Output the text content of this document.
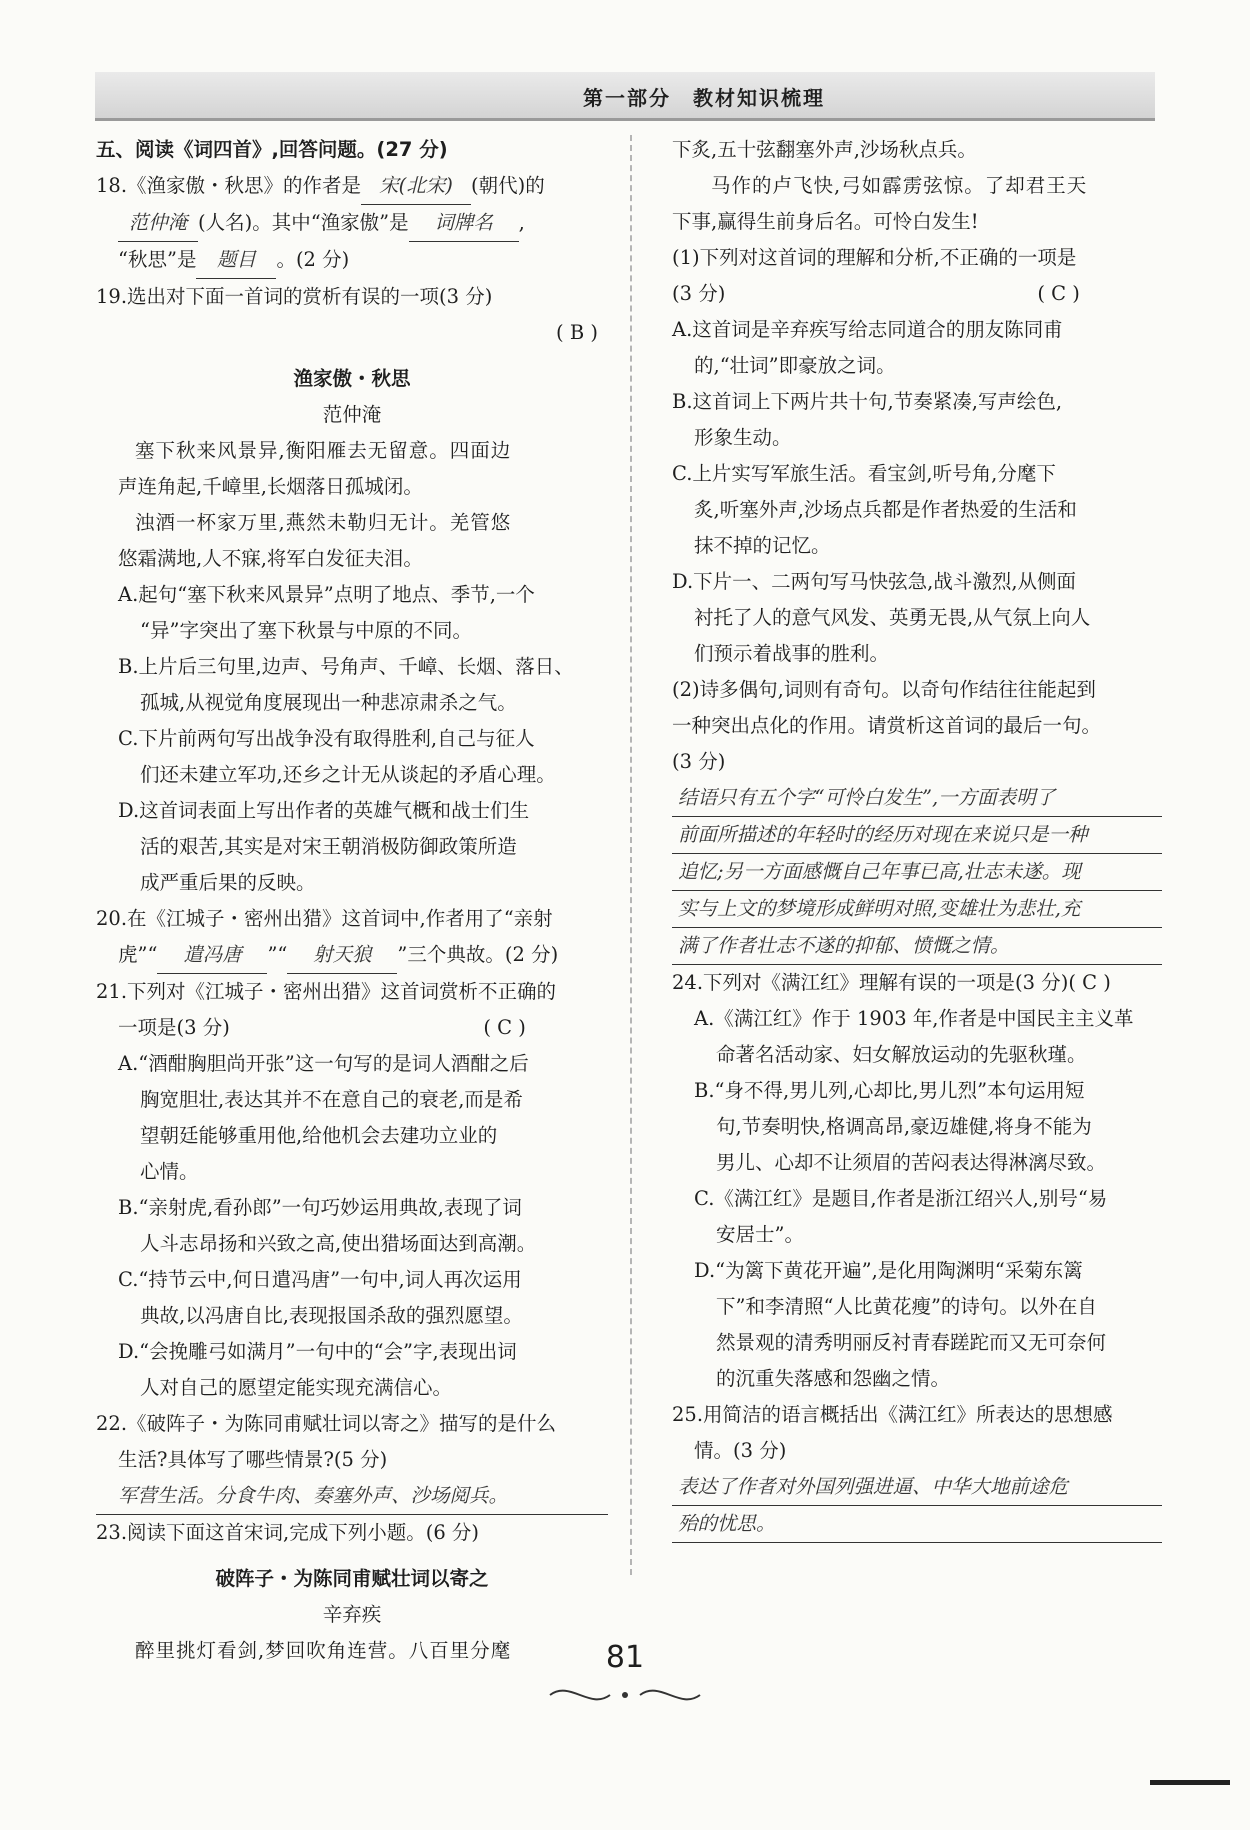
第一部分　教材知识梳理

五、阅读《词四首》,回答问题。(27 分)

18.《渔家傲・秋思》的作者是 宋(北宋) (朝代)的

范仲淹 (人名)。其中“渔家傲”是 词牌名 ,

“秋思”是 题目 。(2 分)

19.选出对下面一首词的赏析有误的一项(3 分)

( B )

渔家傲・秋思

范仲淹

塞下秋来风景异,衡阳雁去无留意。四面边

声连角起,千嶂里,长烟落日孤城闭。

浊酒一杯家万里,燕然未勒归无计。羌管悠

悠霜满地,人不寐,将军白发征夫泪。

A.起句“塞下秋来风景异”点明了地点、季节,一个

“异”字突出了塞下秋景与中原的不同。

B.上片后三句里,边声、号角声、千嶂、长烟、落日、

孤城,从视觉角度展现出一种悲凉肃杀之气。

C.下片前两句写出战争没有取得胜利,自己与征人

们还未建立军功,还乡之计无从谈起的矛盾心理。

D.这首词表面上写出作者的英雄气概和战士们生

活的艰苦,其实是对宋王朝消极防御政策所造

成严重后果的反映。

20.在《江城子・密州出猎》这首词中,作者用了“亲射

虎”“ 遣冯唐 ”“ 射天狼 ”三个典故。(2 分)

21.下列对《江城子・密州出猎》这首词赏析不正确的

一项是(3 分)　　　　　　　　　　　　　( C )

A.“酒酣胸胆尚开张”这一句写的是词人酒酣之后

胸宽胆壮,表达其并不在意自己的衰老,而是希

望朝廷能够重用他,给他机会去建功立业的

心情。

B.“亲射虎,看孙郎”一句巧妙运用典故,表现了词

人斗志昂扬和兴致之高,使出猎场面达到高潮。

C.“持节云中,何日遣冯唐”一句中,词人再次运用

典故,以冯唐自比,表现报国杀敌的强烈愿望。

D.“会挽雕弓如满月”一句中的“会”字,表现出词

人对自己的愿望定能实现充满信心。

22.《破阵子・为陈同甫赋壮词以寄之》描写的是什么

生活?具体写了哪些情景?(5 分)

军营生活。分食牛肉、奏塞外声、沙场阅兵。

23.阅读下面这首宋词,完成下列小题。(6 分)

破阵子・为陈同甫赋壮词以寄之

辛弃疾

醉里挑灯看剑,梦回吹角连营。八百里分麾

下炙,五十弦翻塞外声,沙场秋点兵。

马作的卢飞快,弓如霹雳弦惊。了却君王天

下事,赢得生前身后名。可怜白发生!

(1)下列对这首词的理解和分析,不正确的一项是

(3 分)　　　　　　　　　　　　　　　　( C )

A.这首词是辛弃疾写给志同道合的朋友陈同甫

的,“壮词”即豪放之词。

B.这首词上下两片共十句,节奏紧凑,写声绘色,

形象生动。

C.上片实写军旅生活。看宝剑,听号角,分麾下

炙,听塞外声,沙场点兵都是作者热爱的生活和

抹不掉的记忆。

D.下片一、二两句写马快弦急,战斗激烈,从侧面

衬托了人的意气风发、英勇无畏,从气氛上向人

们预示着战事的胜利。

(2)诗多偶句,词则有奇句。以奇句作结往往能起到

一种突出点化的作用。请赏析这首词的最后一句。

(3 分)

结语只有五个字“可怜白发生”,一方面表明了
前面所描述的年轻时的经历对现在来说只是一种
追忆;另一方面感慨自己年事已高,壮志未遂。现
实与上文的梦境形成鲜明对照,变雄壮为悲壮,充
满了作者壮志不遂的抑郁、愤慨之情。

24.下列对《满江红》理解有误的一项是(3 分)( C )

A.《满江红》作于 1903 年,作者是中国民主主义革

命著名活动家、妇女解放运动的先驱秋瑾。

B.“身不得,男儿列,心却比,男儿烈”本句运用短

句,节奏明快,格调高昂,豪迈雄健,将身不能为

男儿、心却不让须眉的苦闷表达得淋漓尽致。

C.《满江红》是题目,作者是浙江绍兴人,别号“易

安居士”。

D.“为篱下黄花开遍”,是化用陶渊明“采菊东篱

下”和李清照“人比黄花瘦”的诗句。以外在自

然景观的清秀明丽反衬青春蹉跎而又无可奈何

的沉重失落感和怨幽之情。

25.用简洁的语言概括出《满江红》所表达的思想感

情。(3 分)

表达了作者对外国列强进逼、中华大地前途危
殆的忧思。
81
